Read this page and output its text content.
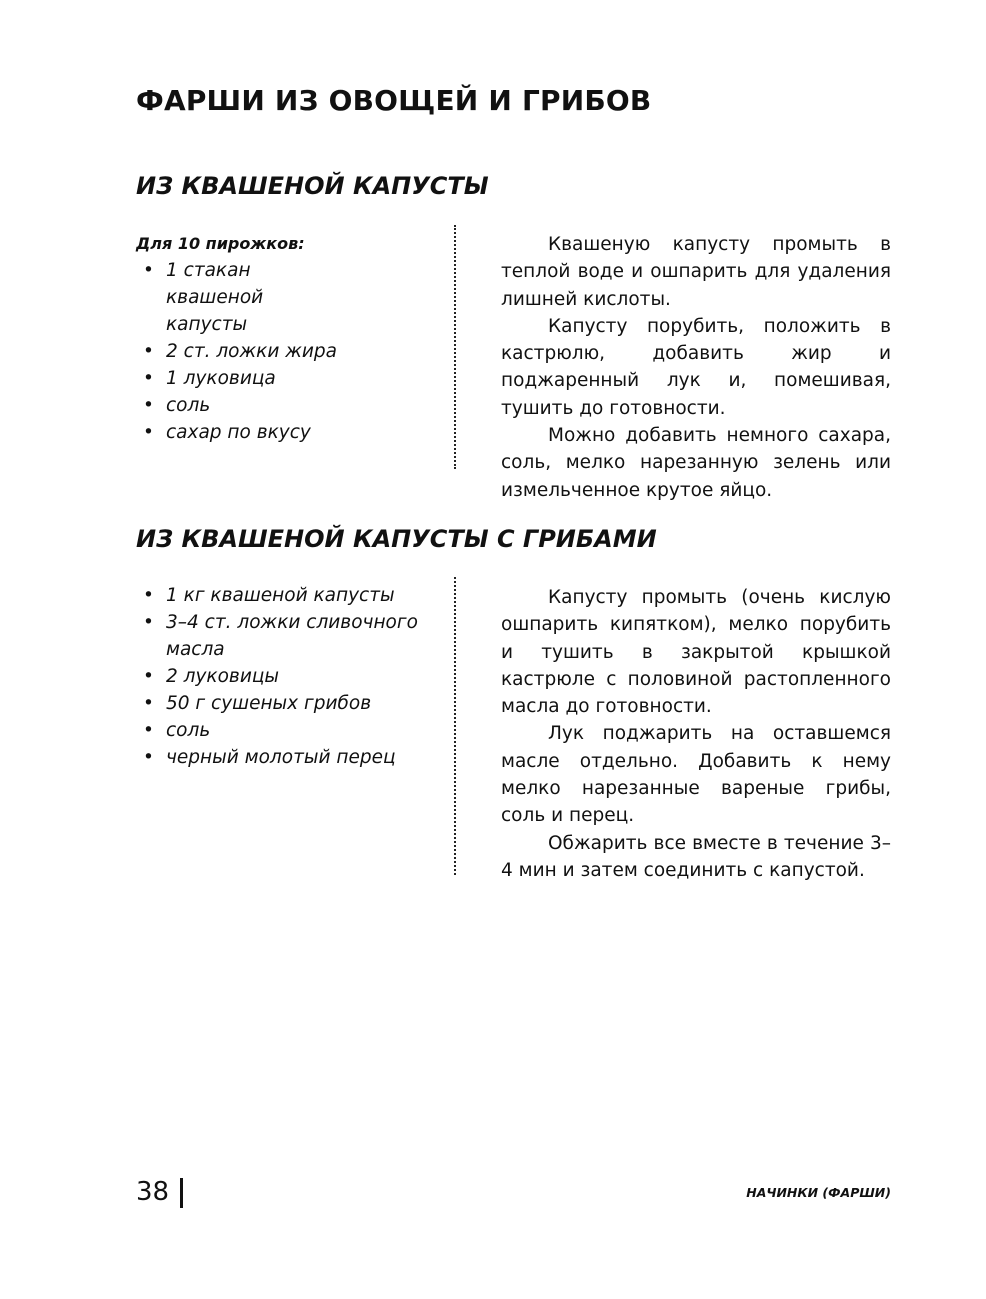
ФАРШИ ИЗ ОВОЩЕЙ И ГРИБОВ
ИЗ КВАШЕНОЙ КАПУСТЫ

Для 10 пирожков:

• 1 стакан квашеной капусты
• 2 ст. ложки жира
• 1 луковица
• соль
• сахар по вкусу

Квашеную капусту промыть в теплой воде и ошпарить для удаления лишней кислоты.

Капусту порубить, положить в кастрюлю, добавить жир и поджаренный лук и, помешивая, тушить до готовности.

Можно добавить немного сахара, соль, мелко нарезанную зелень или измельченное крутое яйцо.

ИЗ КВАШЕНОЙ КАПУСТЫ С ГРИБАМИ
• 1 кг квашеной капусты
• 3–4 ст. ложки сливочного масла
• 2 луковицы
• 50 г сушеных грибов
• соль
• черный молотый перец

Капусту промыть (очень кислую ошпарить кипятком), мелко порубить и тушить в закрытой крышкой кастрюле с половиной растопленного масла до готовности.

Лук поджарить на оставшемся масле отдельно. Добавить к нему мелко нарезанные вареные грибы, соль и перец.

Обжарить все вместе в течение 3–4 мин и затем соединить с капустой.

38	НАЧИНКИ (ФАРШИ)
